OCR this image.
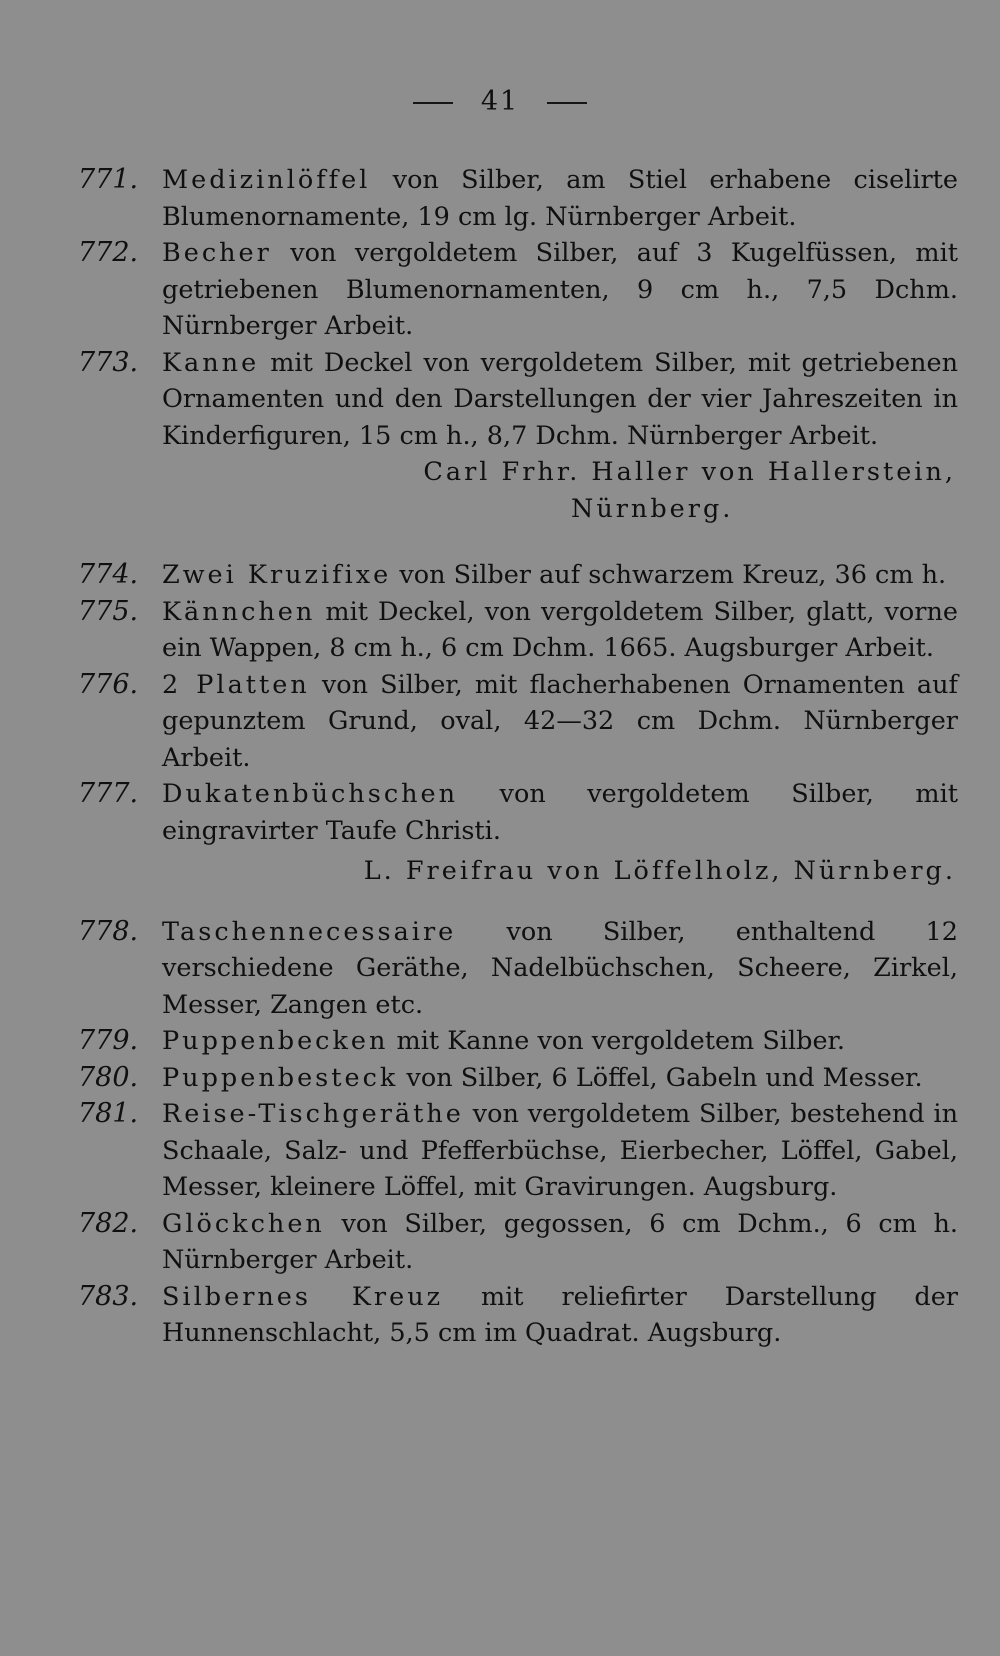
41
771. Medizinlöffel von Silber, am Stiel erhabene ciselirte Blumenornamente, 19 cm lg. Nürnberger Arbeit.
772. Becher von vergoldetem Silber, auf 3 Kugelfüssen, mit getriebenen Blumenornamenten, 9 cm h., 7,5 Dchm. Nürnberger Arbeit.
773. Kanne mit Deckel von vergoldetem Silber, mit getriebenen Ornamenten und den Darstellungen der vier Jahreszeiten in Kinderfiguren, 15 cm h., 8,7 Dchm. Nürnberger Arbeit.
Carl Frhr. Haller von Hallerstein,
Nürnberg.
774. Zwei Kruzifixe von Silber auf schwarzem Kreuz, 36 cm h.
775. Kännchen mit Deckel, von vergoldetem Silber, glatt, vorne ein Wappen, 8 cm h., 6 cm Dchm. 1665. Augsburger Arbeit.
776. 2 Platten von Silber, mit flacherhabenen Ornamenten auf gepunztem Grund, oval, 42—32 cm Dchm. Nürnberger Arbeit.
777. Dukatenbüchschen von vergoldetem Silber, mit eingravirter Taufe Christi.
L. Freifrau von Löffelholz, Nürnberg.
778. Taschennecessaire von Silber, enthaltend 12 verschiedene Geräthe, Nadelbüchschen, Scheere, Zirkel, Messer, Zangen etc.
779. Puppenbecken mit Kanne von vergoldetem Silber.
780. Puppenbesteck von Silber, 6 Löffel, Gabeln und Messer.
781. Reise-Tischgeräthe von vergoldetem Silber, bestehend in Schaale, Salz- und Pfefferbüchse, Eierbecher, Löffel, Gabel, Messer, kleinere Löffel, mit Gravirungen. Augsburg.
782. Glöckchen von Silber, gegossen, 6 cm Dchm., 6 cm h. Nürnberger Arbeit.
783. Silbernes Kreuz mit reliefirter Darstellung der Hunnenschlacht, 5,5 cm im Quadrat. Augsburg.
